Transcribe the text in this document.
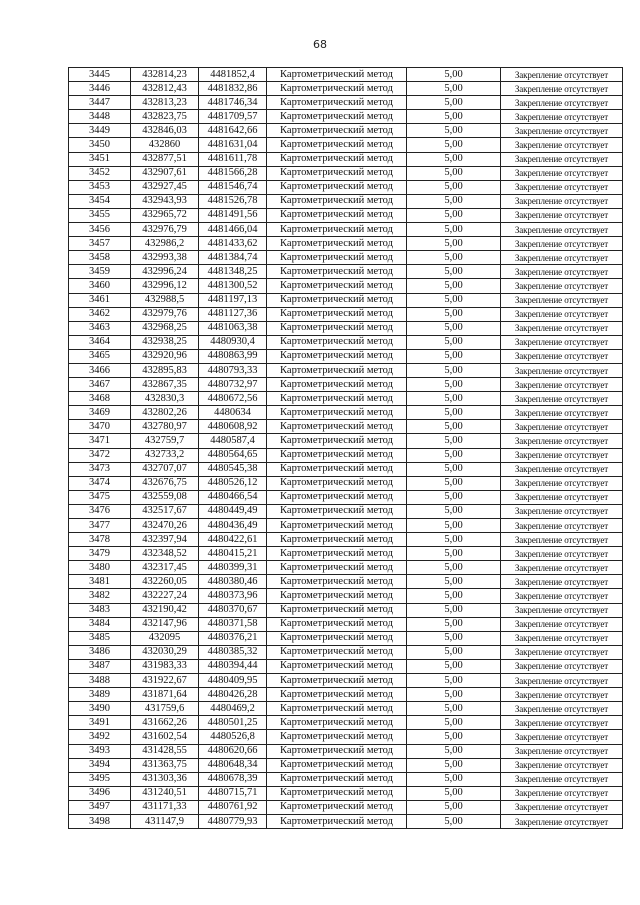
68
3445	432814,23	4481852,4	Картометрический метод	5,00	Закрепление отсутствует
3446	432812,43	4481832,86	Картометрический метод	5,00	Закрепление отсутствует
3447	432813,23	4481746,34	Картометрический метод	5,00	Закрепление отсутствует
3448	432823,75	4481709,57	Картометрический метод	5,00	Закрепление отсутствует
3449	432846,03	4481642,66	Картометрический метод	5,00	Закрепление отсутствует
3450	432860	4481631,04	Картометрический метод	5,00	Закрепление отсутствует
3451	432877,51	4481611,78	Картометрический метод	5,00	Закрепление отсутствует
3452	432907,61	4481566,28	Картометрический метод	5,00	Закрепление отсутствует
3453	432927,45	4481546,74	Картометрический метод	5,00	Закрепление отсутствует
3454	432943,93	4481526,78	Картометрический метод	5,00	Закрепление отсутствует
3455	432965,72	4481491,56	Картометрический метод	5,00	Закрепление отсутствует
3456	432976,79	4481466,04	Картометрический метод	5,00	Закрепление отсутствует
3457	432986,2	4481433,62	Картометрический метод	5,00	Закрепление отсутствует
3458	432993,38	4481384,74	Картометрический метод	5,00	Закрепление отсутствует
3459	432996,24	4481348,25	Картометрический метод	5,00	Закрепление отсутствует
3460	432996,12	4481300,52	Картометрический метод	5,00	Закрепление отсутствует
3461	432988,5	4481197,13	Картометрический метод	5,00	Закрепление отсутствует
3462	432979,76	4481127,36	Картометрический метод	5,00	Закрепление отсутствует
3463	432968,25	4481063,38	Картометрический метод	5,00	Закрепление отсутствует
3464	432938,25	4480930,4	Картометрический метод	5,00	Закрепление отсутствует
3465	432920,96	4480863,99	Картометрический метод	5,00	Закрепление отсутствует
3466	432895,83	4480793,33	Картометрический метод	5,00	Закрепление отсутствует
3467	432867,35	4480732,97	Картометрический метод	5,00	Закрепление отсутствует
3468	432830,3	4480672,56	Картометрический метод	5,00	Закрепление отсутствует
3469	432802,26	4480634	Картометрический метод	5,00	Закрепление отсутствует
3470	432780,97	4480608,92	Картометрический метод	5,00	Закрепление отсутствует
3471	432759,7	4480587,4	Картометрический метод	5,00	Закрепление отсутствует
3472	432733,2	4480564,65	Картометрический метод	5,00	Закрепление отсутствует
3473	432707,07	4480545,38	Картометрический метод	5,00	Закрепление отсутствует
3474	432676,75	4480526,12	Картометрический метод	5,00	Закрепление отсутствует
3475	432559,08	4480466,54	Картометрический метод	5,00	Закрепление отсутствует
3476	432517,67	4480449,49	Картометрический метод	5,00	Закрепление отсутствует
3477	432470,26	4480436,49	Картометрический метод	5,00	Закрепление отсутствует
3478	432397,94	4480422,61	Картометрический метод	5,00	Закрепление отсутствует
3479	432348,52	4480415,21	Картометрический метод	5,00	Закрепление отсутствует
3480	432317,45	4480399,31	Картометрический метод	5,00	Закрепление отсутствует
3481	432260,05	4480380,46	Картометрический метод	5,00	Закрепление отсутствует
3482	432227,24	4480373,96	Картометрический метод	5,00	Закрепление отсутствует
3483	432190,42	4480370,67	Картометрический метод	5,00	Закрепление отсутствует
3484	432147,96	4480371,58	Картометрический метод	5,00	Закрепление отсутствует
3485	432095	4480376,21	Картометрический метод	5,00	Закрепление отсутствует
3486	432030,29	4480385,32	Картометрический метод	5,00	Закрепление отсутствует
3487	431983,33	4480394,44	Картометрический метод	5,00	Закрепление отсутствует
3488	431922,67	4480409,95	Картометрический метод	5,00	Закрепление отсутствует
3489	431871,64	4480426,28	Картометрический метод	5,00	Закрепление отсутствует
3490	431759,6	4480469,2	Картометрический метод	5,00	Закрепление отсутствует
3491	431662,26	4480501,25	Картометрический метод	5,00	Закрепление отсутствует
3492	431602,54	4480526,8	Картометрический метод	5,00	Закрепление отсутствует
3493	431428,55	4480620,66	Картометрический метод	5,00	Закрепление отсутствует
3494	431363,75	4480648,34	Картометрический метод	5,00	Закрепление отсутствует
3495	431303,36	4480678,39	Картометрический метод	5,00	Закрепление отсутствует
3496	431240,51	4480715,71	Картометрический метод	5,00	Закрепление отсутствует
3497	431171,33	4480761,92	Картометрический метод	5,00	Закрепление отсутствует
3498	431147,9	4480779,93	Картометрический метод	5,00	Закрепление отсутствует
